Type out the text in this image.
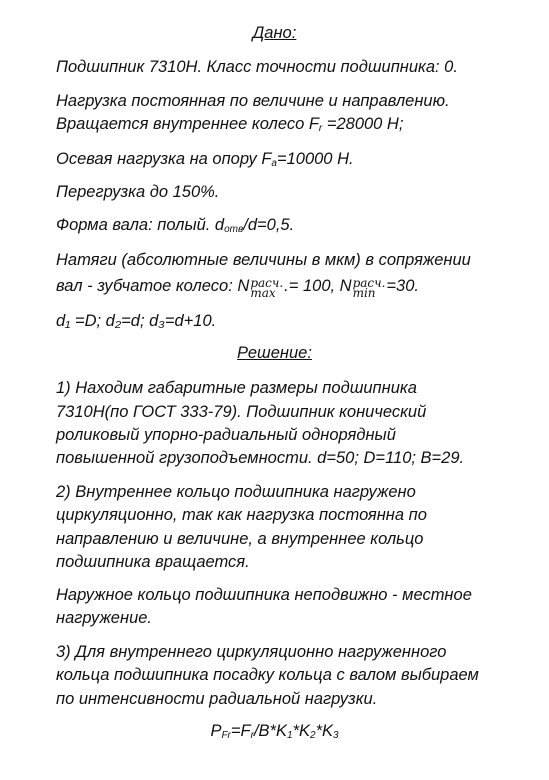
Дано:
Подшипник 7310Н. Класс точности подшипника: 0.
Нагрузка постоянная по величине и направлению.
Вращается внутреннее колесо $F_r =28000$ Н;
Осевая нагрузка на опору $F_a=10000$ Н.
Перегрузка до 150%.
Форма вала: полый. $d_{отв}/d=0,5$.
Натяги (абсолютные величины в мкм) в сопряжении
вал - зубчатое колесо: N расч.
max .= 100, N расч.
min =30.
d₁ =D; d₂=d; d₃=d+10.
Решение:
1) Находим габаритные размеры подшипника
7310Н(по ГОСТ 333-79). Подшипник конический
роликовый упорно-радиальный однорядный
повышенной грузоподъемности. d=50; D=110; B=29.
2) Внутреннее кольцо подшипника нагружено
циркуляционно, так как нагрузка постоянна по
направлению и величине, а внутреннее кольцо
подшипника вращается.
Наружное кольцо подшипника неподвижно - местное
нагружение.
3) Для внутреннего циркуляционно нагруженного
кольца подшипника посадку кольца с валом выбираем
по интенсивности радиальной нагрузки.
$P_{Fr}=F_r/B*K_1*K_2*K_3$
